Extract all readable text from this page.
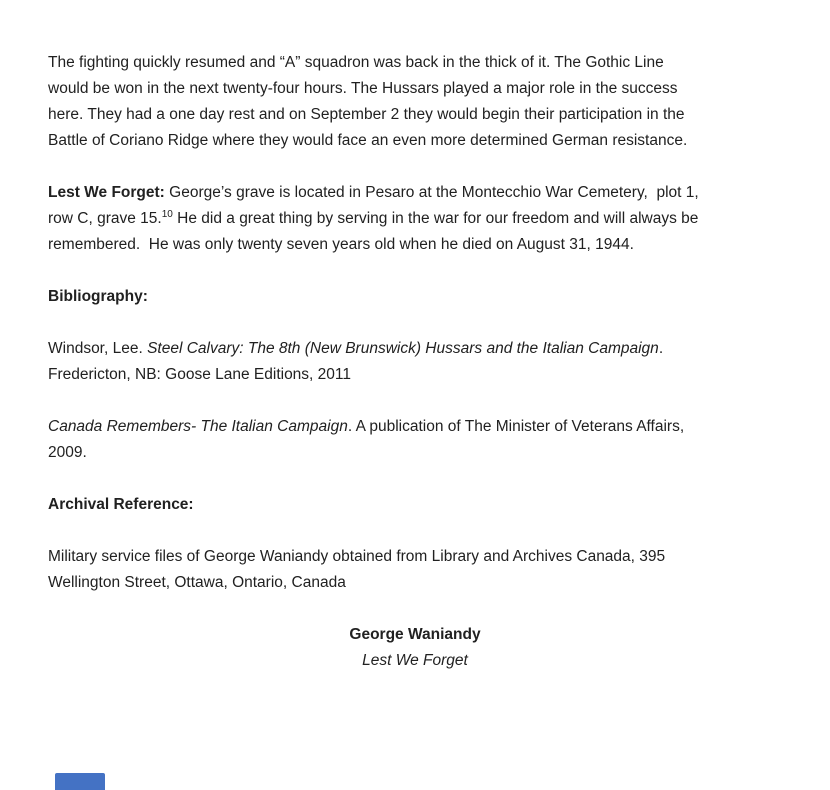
The fighting quickly resumed and “A” squadron was back in the thick of it. The Gothic Line
would be won in the next twenty-four hours. The Hussars played a major role in the success
here. They had a one day rest and on September 2 they would begin their participation in the
Battle of Coriano Ridge where they would face an even more determined German resistance.
Lest We Forget: George’s grave is located in Pesaro at the Montecchio War Cemetery,  plot 1,
row C, grave 15.10 He did a great thing by serving in the war for our freedom and will always be
remembered.  He was only twenty seven years old when he died on August 31, 1944.
Bibliography:
Windsor, Lee. Steel Calvary: The 8th (New Brunswick) Hussars and the Italian Campaign.
Fredericton, NB: Goose Lane Editions, 2011
Canada Remembers- The Italian Campaign. A publication of The Minister of Veterans Affairs,
2009.
Archival Reference:
Military service files of George Waniandy obtained from Library and Archives Canada, 395
Wellington Street, Ottawa, Ontario, Canada
George Waniandy
Lest We Forget
